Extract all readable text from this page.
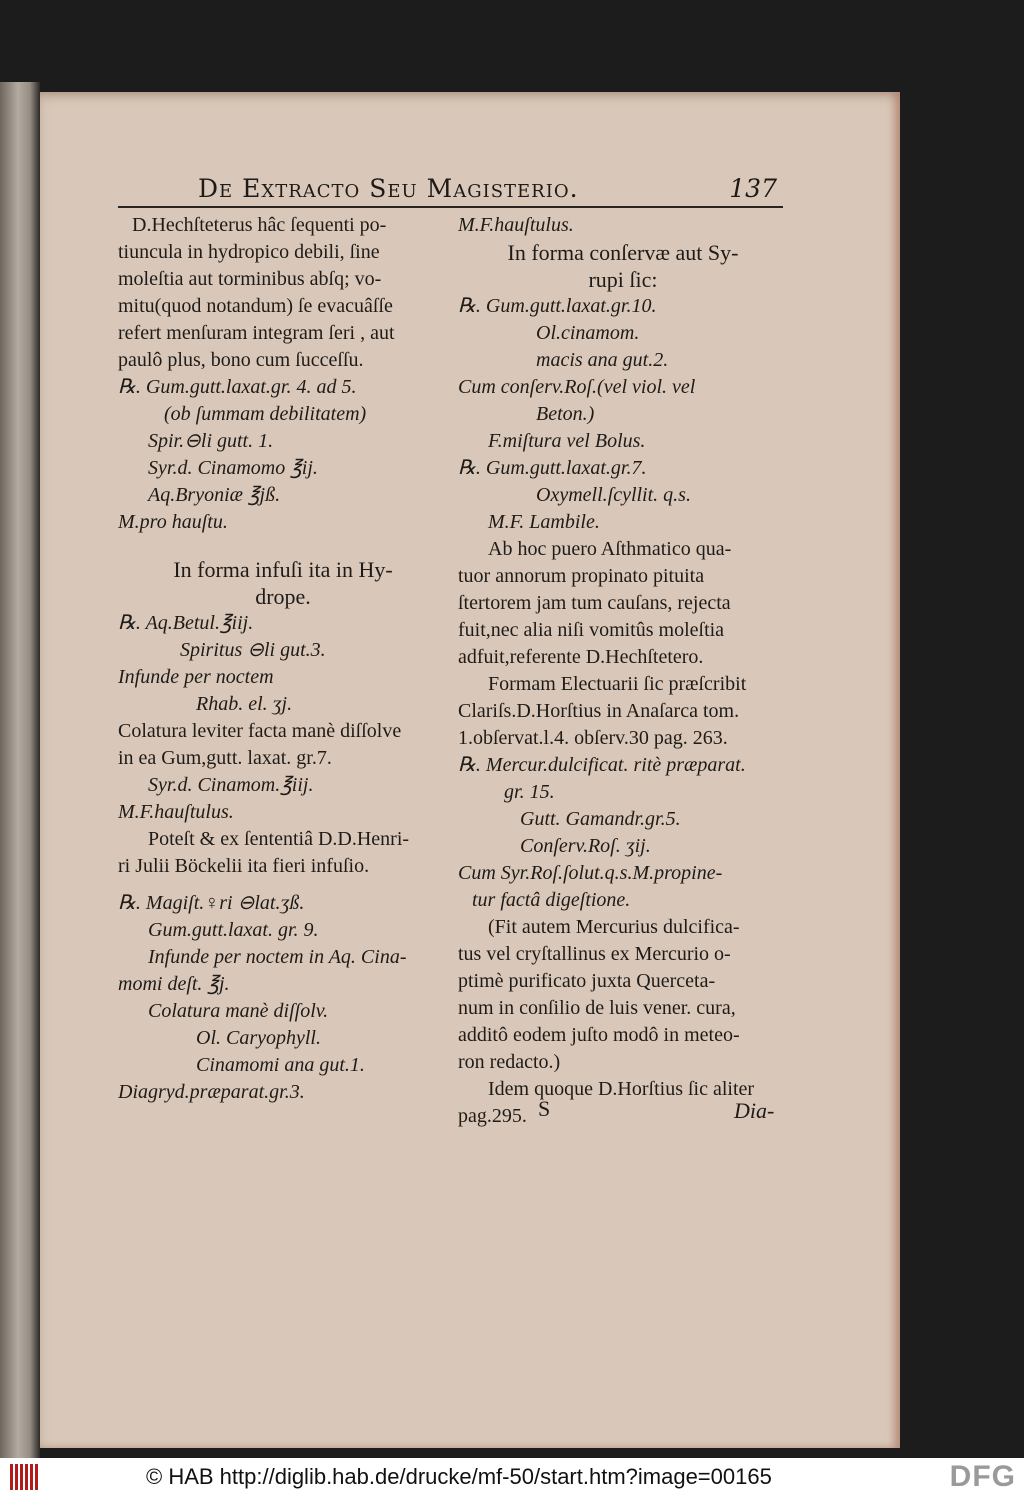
De Extracto Seu Magisterio.	137
D.Hechſteterus hâc ſequenti po-
tiuncula in hydropico debili, ſine
moleſtia aut torminibus abſq; vo-
mitu(quod notandum) ſe evacuâſſe
refert menſuram integram ſeri , aut
paulô plus, bono cum ſucceſſu.
℞. Gum.gutt.laxat.gr. 4. ad 5.
(ob ſummam debilitatem)
Spir.⊖li gutt. 1.
Syr.d. Cinamomo ℥ij.
Aq.Bryoniæ ℥jß.
M.pro hauſtu.
In forma infuſi ita in Hy-
drope.
℞. Aq.Betul.℥iij.
Spiritus ⊖li gut.3.
Infunde per noctem
Rhab. el. ʒj.
Colatura leviter facta manè diſſolve
in ea Gum,gutt. laxat. gr.7.
Syr.d. Cinamom.℥iij.
M.F.hauſtulus.
Poteſt & ex ſententiâ D.D.Henri-
ri Julii Böckelii ita fieri infuſio.
℞. Magiſt.♀ri ⊖lat.ʒß.
Gum.gutt.laxat. gr. 9.
Infunde per noctem in Aq. Cina-
momi deſt. ℥j.
Colatura manè diſſolv.
Ol. Caryophyll.
Cinamomi ana gut.1.
Diagryd.præparat.gr.3.
M.F.hauſtulus.
In forma conſervæ aut Sy-
rupi ſic:
℞. Gum.gutt.laxat.gr.10.
Ol.cinamom.
macis ana gut.2.
Cum conſerv.Roſ.(vel viol. vel
Beton.)
F.miſtura vel Bolus.
℞. Gum.gutt.laxat.gr.7.
Oxymell.ſcyllit. q.s.
M.F. Lambile.
Ab hoc puero Aſthmatico qua-
tuor annorum propinato pituita
ſtertorem jam tum cauſans, rejecta
fuit,nec alia niſi vomitûs moleſtia
adfuit,referente D.Hechſtetero.
Formam Electuarii ſic præſcribit
Clariſs.D.Horſtius in Anaſarca tom.
1.obſervat.l.4. obſerv.30 pag. 263.
℞. Mercur.dulcificat. ritè præparat.
gr. 15.
Gutt. Gamandr.gr.5.
Conſerv.Roſ. ʒij.
Cum Syr.Roſ.ſolut.q.s.M.propine-
tur factâ digeſtione.
(Fit autem Mercurius dulcifica-
tus vel cryſtallinus ex Mercurio o-
ptimè purificato juxta Querceta-
num in conſilio de luis vener. cura,
additô eodem juſto modô in meteo-
ron redacto.)
Idem quoque D.Horſtius ſic aliter
pag.295. S	Dia-
© HAB http://diglib.hab.de/drucke/mf-50/start.htm?image=00165	DFG
